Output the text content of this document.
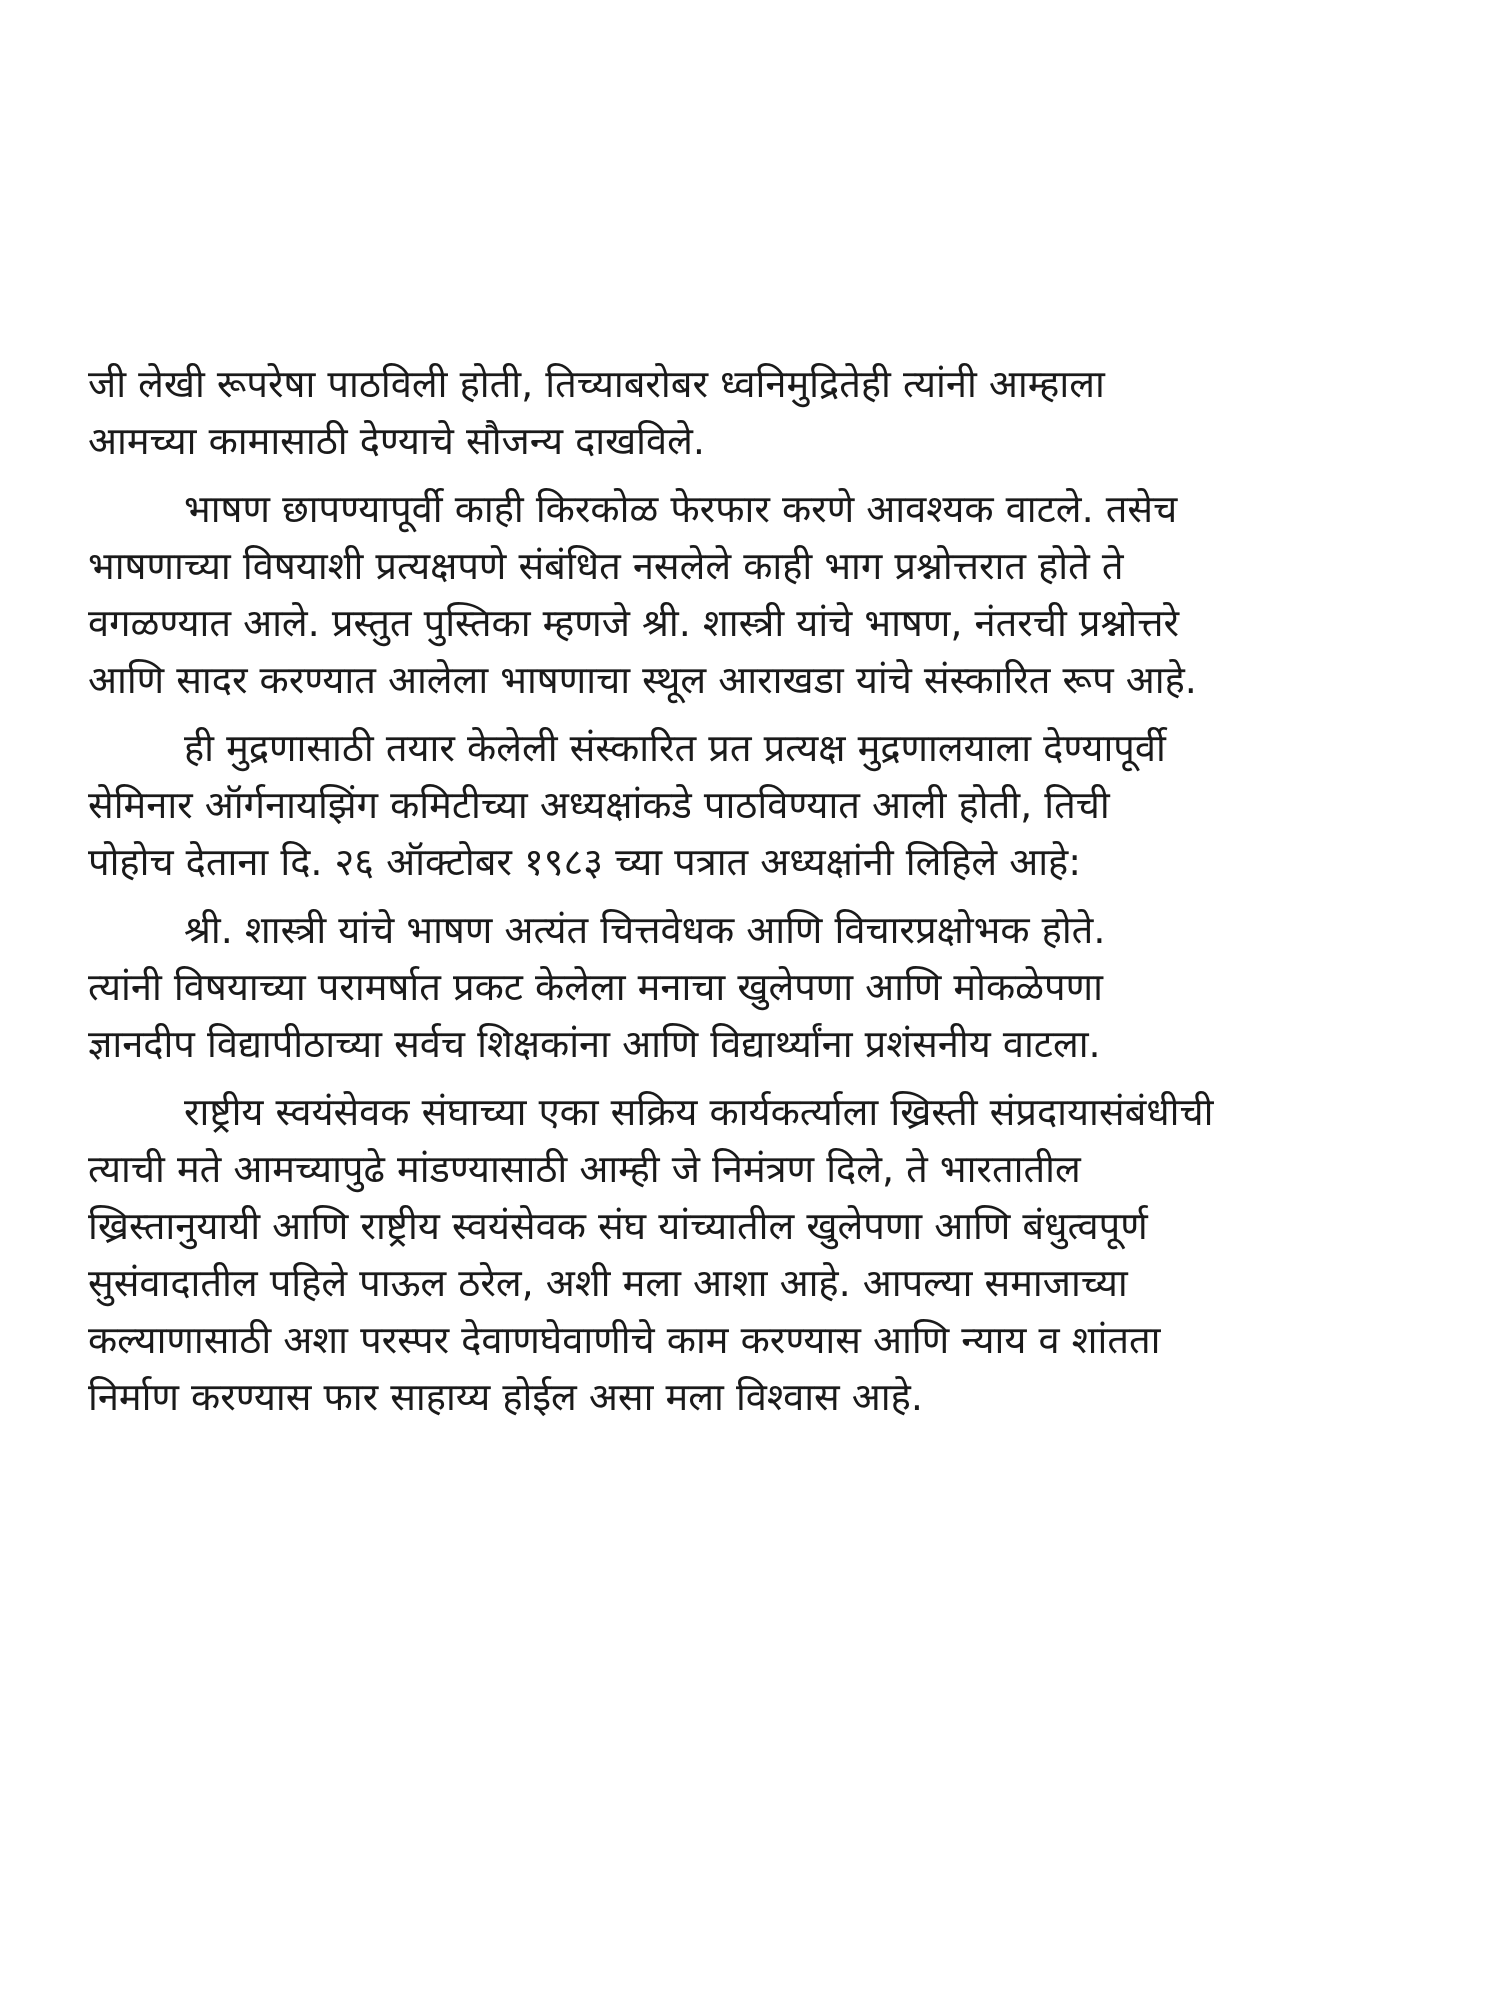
जी लेखी रूपरेषा पाठविली होती, तिच्याबरोबर ध्वनिमुद्रितेही त्यांनी आम्हाला
आमच्या कामासाठी देण्याचे सौजन्य दाखविले.

भाषण छापण्यापूर्वी काही किरकोळ फेरफार करणे आवश्यक वाटले. तसेच
भाषणाच्या विषयाशी प्रत्यक्षपणे संबंधित नसलेले काही भाग प्रश्नोत्तरात होते ते
वगळण्यात आले. प्रस्तुत पुस्तिका म्हणजे श्री. शास्त्री यांचे भाषण, नंतरची प्रश्नोत्तरे
आणि सादर करण्यात आलेला भाषणाचा स्थूल आराखडा यांचे संस्कारित रूप आहे.

ही मुद्रणासाठी तयार केलेली संस्कारित प्रत प्रत्यक्ष मुद्रणालयाला देण्यापूर्वी
सेमिनार ऑर्गनायझिंग कमिटीच्या अध्यक्षांकडे पाठविण्यात आली होती, तिची
पोहोच देताना दि. २६ ऑक्टोबर १९८३ च्या पत्रात अध्यक्षांनी लिहिले आहे:

श्री. शास्त्री यांचे भाषण अत्यंत चित्तवेधक आणि विचारप्रक्षोभक होते.
त्यांनी विषयाच्या परामर्षात प्रकट केलेला मनाचा खुलेपणा आणि मोकळेपणा
ज्ञानदीप विद्यापीठाच्या सर्वच शिक्षकांना आणि विद्यार्थ्यांना प्रशंसनीय वाटला.

राष्ट्रीय स्वयंसेवक संघाच्या एका सक्रिय कार्यकर्त्याला ख्रिस्ती संप्रदायासंबंधीची
त्याची मते आमच्यापुढे मांडण्यासाठी आम्ही जे निमंत्रण दिले, ते भारतातील
ख्रिस्तानुयायी आणि राष्ट्रीय स्वयंसेवक संघ यांच्यातील खुलेपणा आणि बंधुत्वपूर्ण
सुसंवादातील पहिले पाऊल ठरेल, अशी मला आशा आहे. आपल्या समाजाच्या
कल्याणासाठी अशा परस्पर देवाणघेवाणीचे काम करण्यास आणि न्याय व शांतता
निर्माण करण्यास फार साहाय्य होईल असा मला विश्वास आहे.
